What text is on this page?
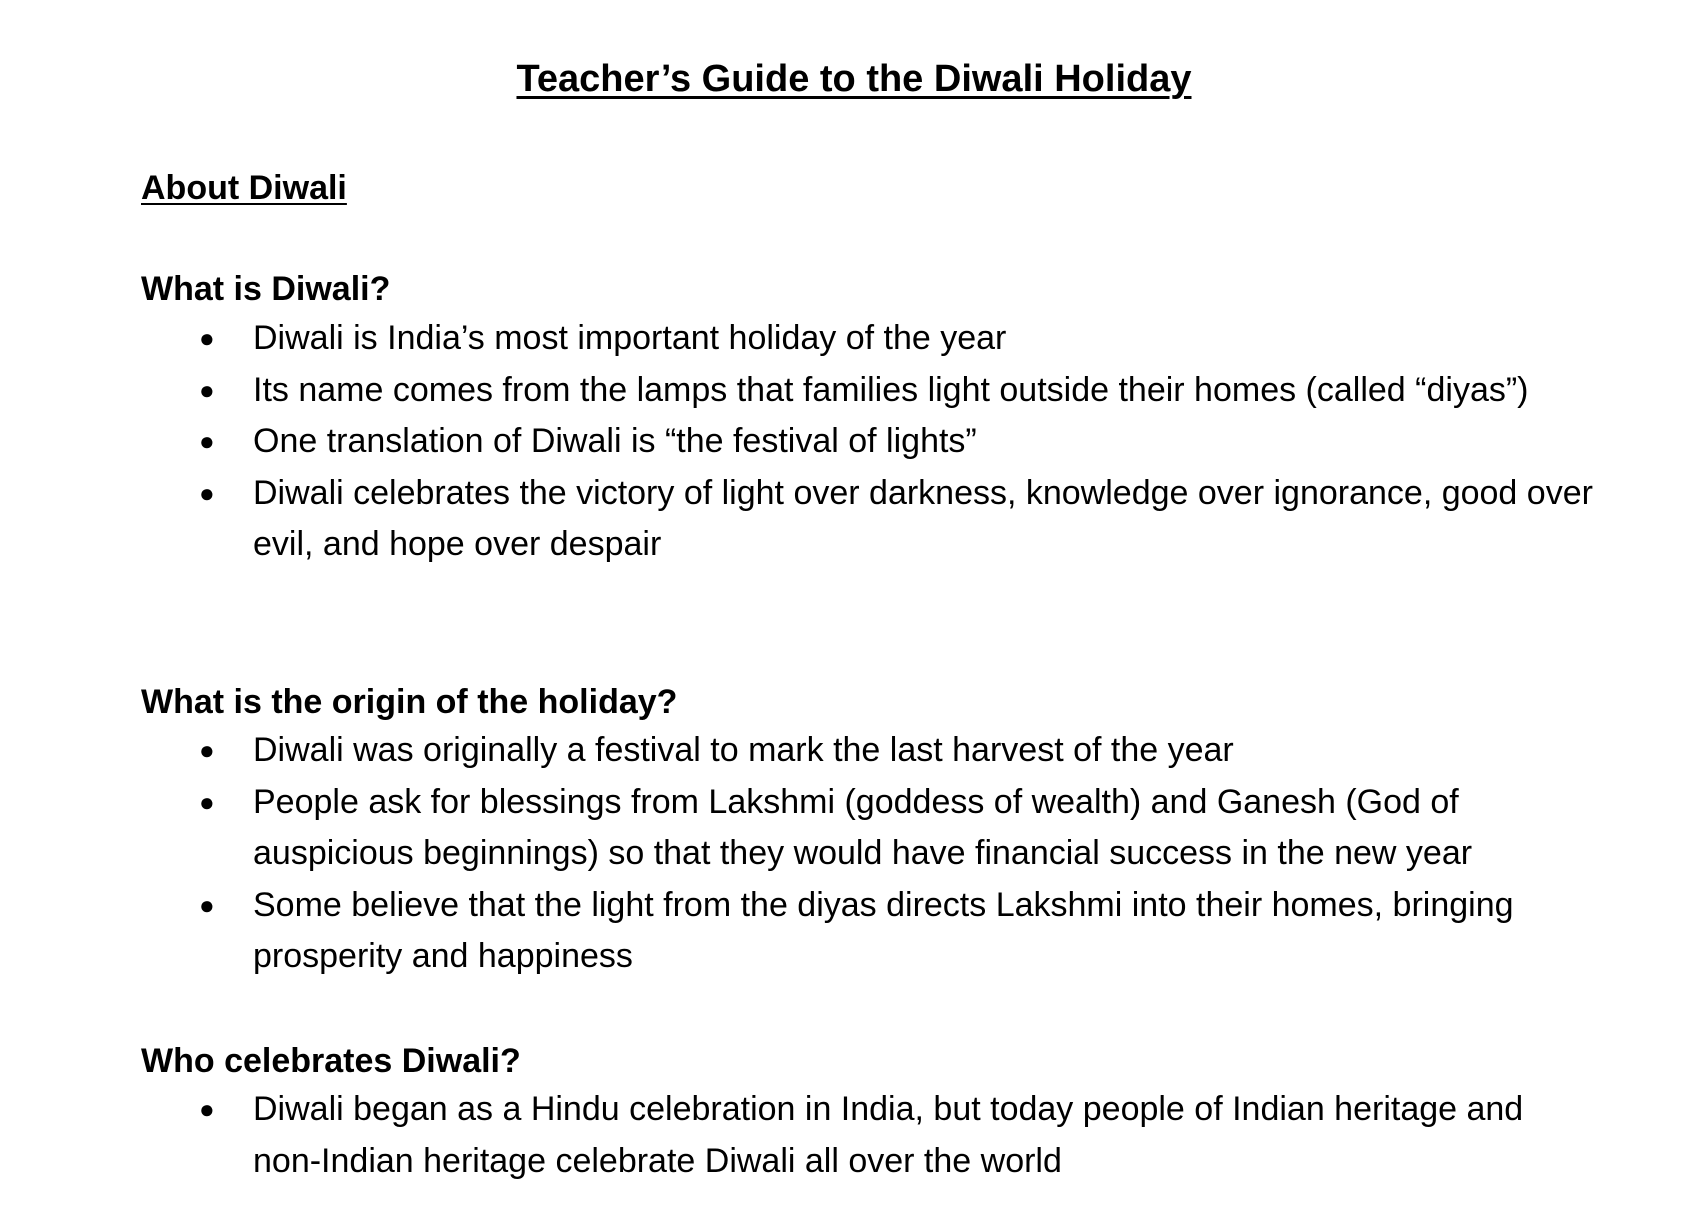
Teacher’s Guide to the Diwali Holiday
About Diwali
What is Diwali?
● Diwali is India’s most important holiday of the year
● Its name comes from the lamps that families light outside their homes (called “diyas”)
● One translation of Diwali is “the festival of lights”
● Diwali celebrates the victory of light over darkness, knowledge over ignorance, good over evil, and hope over despair
What is the origin of the holiday?
● Diwali was originally a festival to mark the last harvest of the year
● People ask for blessings from Lakshmi (goddess of wealth) and Ganesh (God of auspicious beginnings) so that they would have financial success in the new year
● Some believe that the light from the diyas directs Lakshmi into their homes, bringing prosperity and happiness
Who celebrates Diwali?
● Diwali began as a Hindu celebration in India, but today people of Indian heritage and non-Indian heritage celebrate Diwali all over the world
